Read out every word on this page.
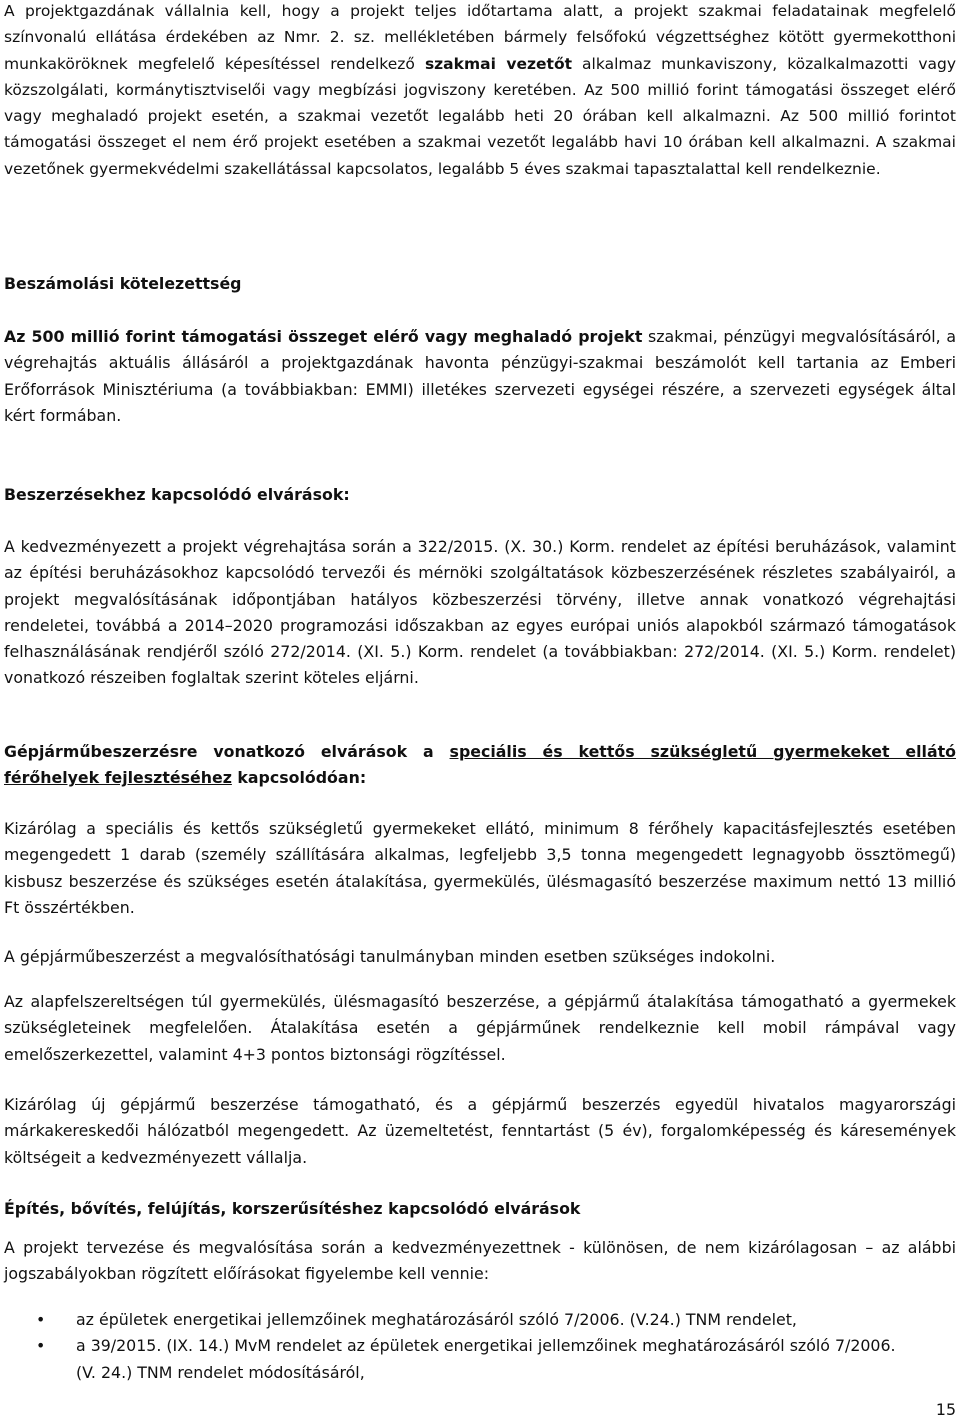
A projektgazdának vállalnia kell, hogy a projekt teljes időtartama alatt, a projekt szakmai feladatainak megfelelő színvonalú ellátása érdekében az Nmr. 2. sz. mellékletében bármely felsőfokú végzettséghez kötött gyermekotthoni munkaköröknek megfelelő képesítéssel rendelkező szakmai vezetőt alkalmaz munkaviszony, közalkalmazotti vagy közszolgálati, kormánytisztviselői vagy megbízási jogviszony keretében. Az 500 millió forint támogatási összeget elérő vagy meghaladó projekt esetén, a szakmai vezetőt legalább heti 20 órában kell alkalmazni. Az 500 millió forintot támogatási összeget el nem érő projekt esetében a szakmai vezetőt legalább havi 10 órában kell alkalmazni. A szakmai vezetőnek gyermekvédelmi szakellátással kapcsolatos, legalább 5 éves szakmai tapasztalattal kell rendelkeznie.

Beszámolási kötelezettség

Az 500 millió forint támogatási összeget elérő vagy meghaladó projekt szakmai, pénzügyi megvalósításáról, a végrehajtás aktuális állásáról a projektgazdának havonta pénzügyi-szakmai beszámolót kell tartania az Emberi Erőforrások Minisztériuma (a továbbiakban: EMMI) illetékes szervezeti egységei részére, a szervezeti egységek által kért formában.

Beszerzésekhez kapcsolódó elvárások:

A kedvezményezett a projekt végrehajtása során a 322/2015. (X. 30.) Korm. rendelet az építési beruházások, valamint az építési beruházásokhoz kapcsolódó tervezői és mérnöki szolgáltatások közbeszerzésének részletes szabályairól, a projekt megvalósításának időpontjában hatályos közbeszerzési törvény, illetve annak vonatkozó végrehajtási rendeletei, továbbá a 2014–2020 programozási időszakban az egyes európai uniós alapokból származó támogatások felhasználásának rendjéről szóló 272/2014. (XI. 5.) Korm. rendelet (a továbbiakban: 272/2014. (XI. 5.) Korm. rendelet) vonatkozó részeiben foglaltak szerint köteles eljárni.

Gépjárműbeszerzésre vonatkozó elvárások a speciális és kettős szükségletű gyermekeket ellátó férőhelyek fejlesztéséhez kapcsolódóan:

Kizárólag a speciális és kettős szükségletű gyermekeket ellátó, minimum 8 férőhely kapacitásfejlesztés esetében megengedett 1 darab (személy szállítására alkalmas, legfeljebb 3,5 tonna megengedett legnagyobb össztömegű) kisbusz beszerzése és szükséges esetén átalakítása, gyermekülés, ülésmagasító beszerzése maximum nettó 13 millió Ft összértékben.

A gépjárműbeszerzést a megvalósíthatósági tanulmányban minden esetben szükséges indokolni.

Az alapfelszereltségen túl gyermekülés, ülésmagasító beszerzése, a gépjármű átalakítása támogatható a gyermekek szükségleteinek megfelelően. Átalakítása esetén a gépjárműnek rendelkeznie kell mobil rámpával vagy emelőszerkezettel, valamint 4+3 pontos biztonsági rögzítéssel.

Kizárólag új gépjármű beszerzése támogatható, és a gépjármű beszerzés egyedül hivatalos magyarországi márkakereskedői hálózatból megengedett. Az üzemeltetést, fenntartást (5 év), forgalomképesség és káresemények költségeit a kedvezményezett vállalja.

Építés, bővítés, felújítás, korszerűsítéshez kapcsolódó elvárások

A projekt tervezése és megvalósítása során a kedvezményezettnek - különösen, de nem kizárólagosan – az alábbi jogszabályokban rögzített előírásokat figyelembe kell vennie:

• az épületek energetikai jellemzőinek meghatározásáról szóló 7/2006. (V.24.) TNM rendelet,
• a 39/2015. (IX. 14.) MvM rendelet az épületek energetikai jellemzőinek meghatározásáról szóló 7/2006. (V. 24.) TNM rendelet módosításáról,
15
